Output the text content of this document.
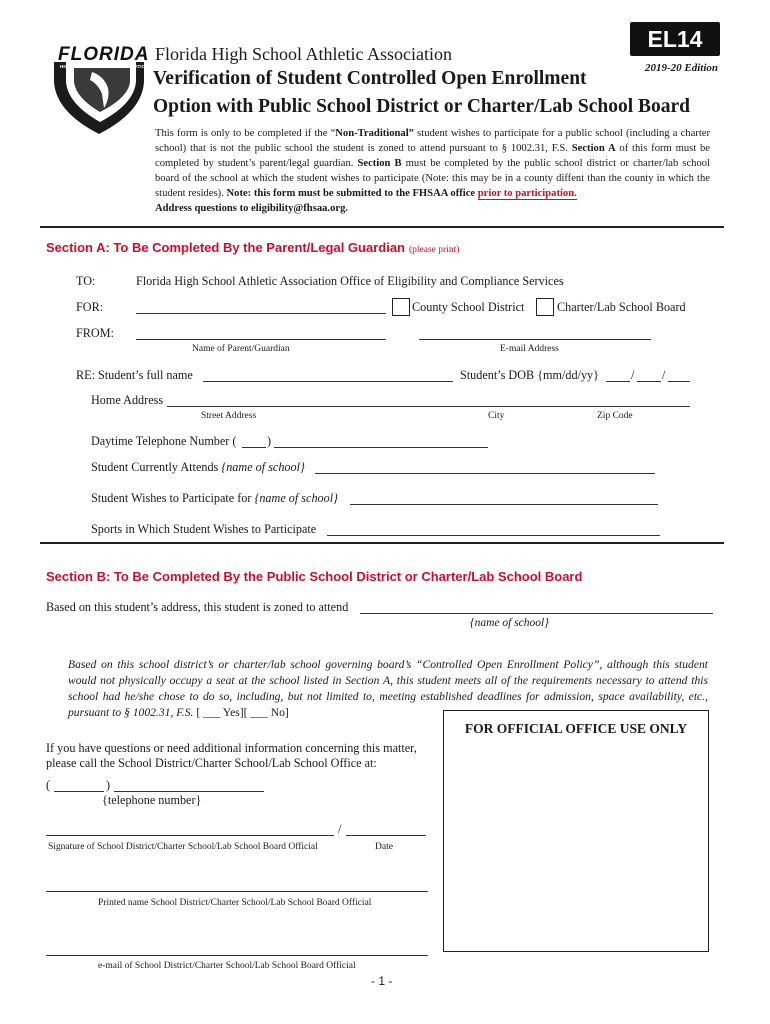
FLORIDA
HIGH SCHOOL ATHLETIC ASSOCIATION
EL14
2019-20 Edition
Florida High School Athletic Association
Verification of Student Controlled Open Enrollment
Option with Public School District or Charter/Lab School Board
This form is only to be completed if the “Non-Traditional” student wishes to participate for a public school (including a charter school) that is not the public school the student is zoned to attend pursuant to § 1002.31, F.S. Section A of this form must be completed by student’s parent/legal guardian. Section B must be completed by the public school district or charter/lab school board of the school at which the student wishes to participate (Note: this may be in a county diffent than the county in which the student resides). Note: this form must be submitted to the FHSAA office prior to participation.
Address questions to eligibility@fhsaa.org.
Section A: To Be Completed By the Parent/Legal Guardian (please print)
TO:	Florida High School Athletic Association Office of Eligibility and Compliance Services
FOR:	County School District	Charter/Lab School Board
FROM:
Name of Parent/Guardian	E-mail Address
RE: Student’s full name	Student’s DOB {mm/dd/yy}	/ /
Home Address
Street Address	City	Zip Code
Daytime Telephone Number (	)
Student Currently Attends {name of school}
Student Wishes to Participate for {name of school}
Sports in Which Student Wishes to Participate
Section B: To Be Completed By the Public School District or Charter/Lab School Board
Based on this student’s address, this student is zoned to attend
{name of school}
Based on this school district’s or charter/lab school governing board’s “Controlled Open Enrollment Policy”, although this student would not physically occupy a seat at the school listed in Section A, this student meets all of the requirements necessary to attend this school had he/she chose to do so, including, but not limited to, meeting established deadlines for admission, space availability, etc., pursuant to § 1002.31, F.S. [ ___ Yes][ ___ No]
FOR OFFICIAL OFFICE USE ONLY
If you have questions or need additional information concerning this matter,
please call the School District/Charter School/Lab School Office at:
(	)
{telephone number}
/
Signature of School District/Charter School/Lab School Board Official	Date
Printed name School District/Charter School/Lab School Board Official
e-mail of School District/Charter School/Lab School Board Official
- 1 -
